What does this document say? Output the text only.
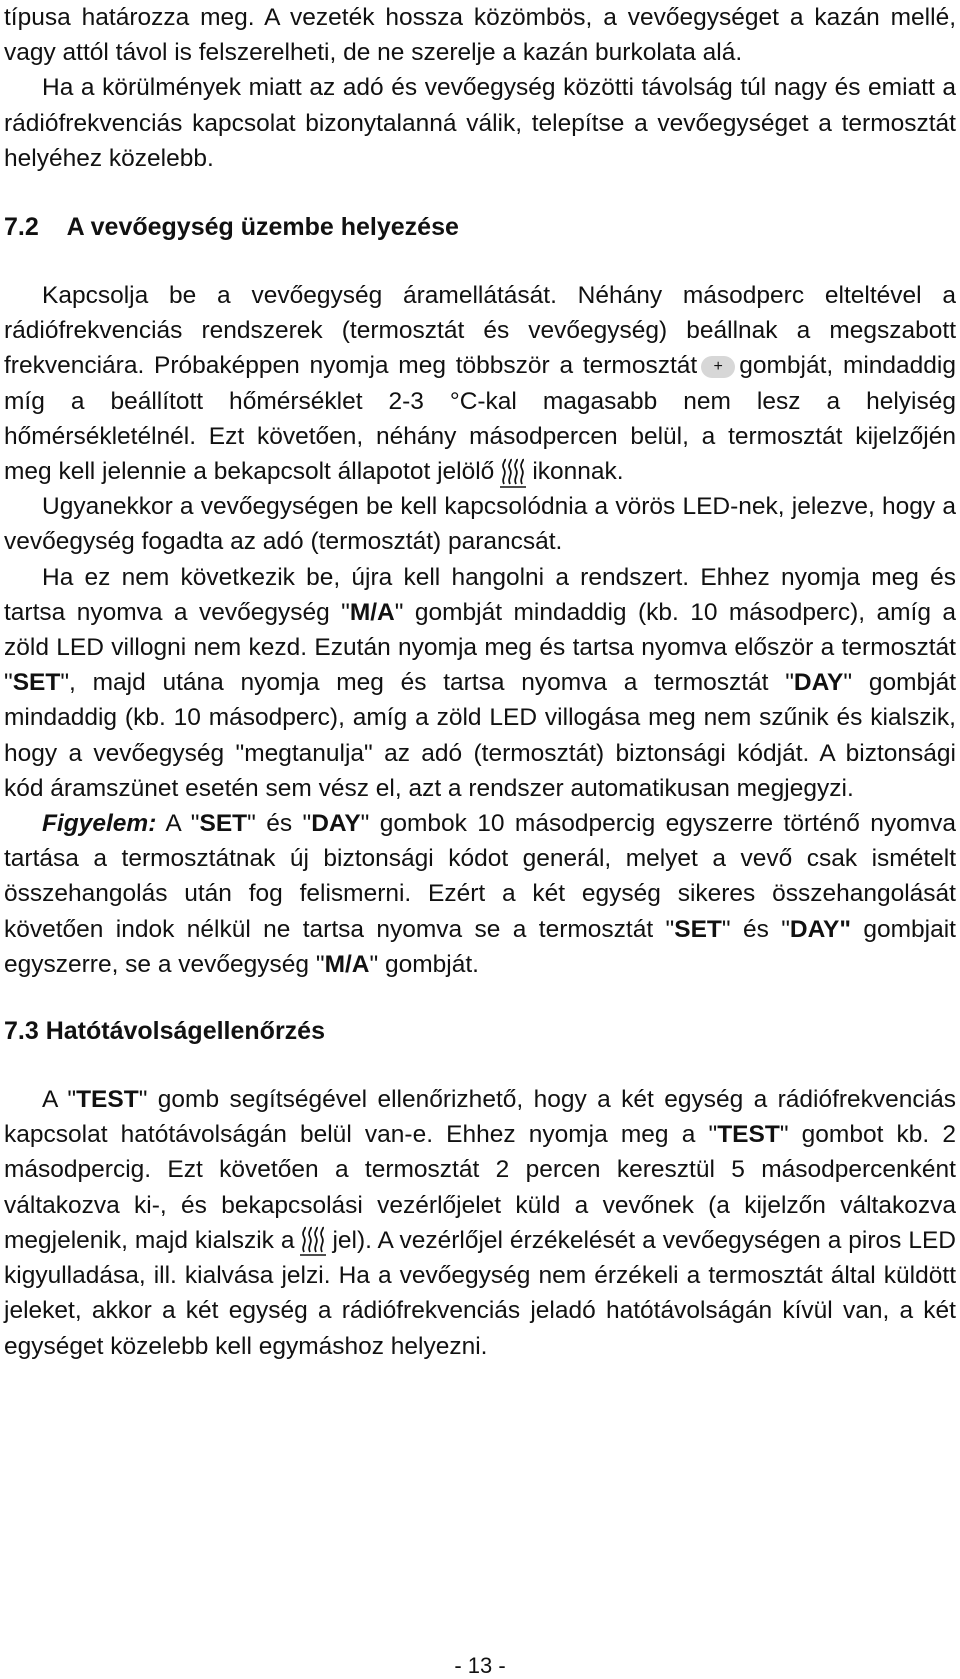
típusa határozza meg. A vezeték hossza közömbös, a vevőegységet a kazán mellé, vagy attól távol is felszerelheti, de ne szerelje a kazán burkolata alá.

Ha a körülmények miatt az adó és vevőegység közötti távolság túl nagy és emiatt a rádiófrekvenciás kapcsolat bizonytalanná válik, telepítse a vevőegységet a termosztát helyéhez közelebb.

7.2 A vevőegység üzembe helyezése

Kapcsolja be a vevőegység áramellátását. Néhány másodperc elteltével a rádiófrekvenciás rendszerek (termosztát és vevőegység) beállnak a megszabott frekvenciára. Próbaképpen nyomja meg többször a termosztát + gombját, mindaddig míg a beállított hőmérséklet 2-3 °C-kal magasabb nem lesz a helyiség hőmérsékletélnél. Ezt követően, néhány másodpercen belül, a termosztát kijelzőjén meg kell jelennie a bekapcsolt állapotot jelölő ikonnak.

Ugyanekkor a vevőegységen be kell kapcsolódnia a vörös LED-nek, jelezve, hogy a vevőegység fogadta az adó (termosztát) parancsát.

Ha ez nem következik be, újra kell hangolni a rendszert. Ehhez nyomja meg és tartsa nyomva a vevőegység "M/A" gombját mindaddig (kb. 10 másodperc), amíg a zöld LED villogni nem kezd. Ezután nyomja meg és tartsa nyomva először a termosztát "SET", majd utána nyomja meg és tartsa nyomva a termosztát "DAY" gombját mindaddig (kb. 10 másodperc), amíg a zöld LED villogása meg nem szűnik és kialszik, hogy a vevőegység "megtanulja" az adó (termosztát) biztonsági kódját. A biztonsági kód áramszünet esetén sem vész el, azt a rendszer automatikusan megjegyzi.

Figyelem: A "SET" és "DAY" gombok 10 másodpercig egyszerre történő nyomva tartása a termosztátnak új biztonsági kódot generál, melyet a vevő csak ismételt összehangolás után fog felismerni. Ezért a két egység sikeres összehangolását követően indok nélkül ne tartsa nyomva se a termosztát "SET" és "DAY" gombjait egyszerre, se a vevőegység "M/A" gombját.

7.3 Hatótávolságellenőrzés

A "TEST" gomb segítségével ellenőrizhető, hogy a két egység a rádiófrekvenciás kapcsolat hatótávolságán belül van-e. Ehhez nyomja meg a "TEST" gombot kb. 2 másodpercig. Ezt követően a termosztát 2 percen keresztül 5 másodpercenként váltakozva ki-, és bekapcsolási vezérlőjelet küld a vevőnek (a kijelzőn váltakozva megjelenik, majd kialszik a jel). A vezérlőjel érzékelését a vevőegységen a piros LED kigyulladása, ill. kialvása jelzi. Ha a vevőegység nem érzékeli a termosztát által küldött jeleket, akkor a két egység a rádiófrekvenciás jeladó hatótávolságán kívül van, a két egységet közelebb kell egymáshoz helyezni.

- 13 -
